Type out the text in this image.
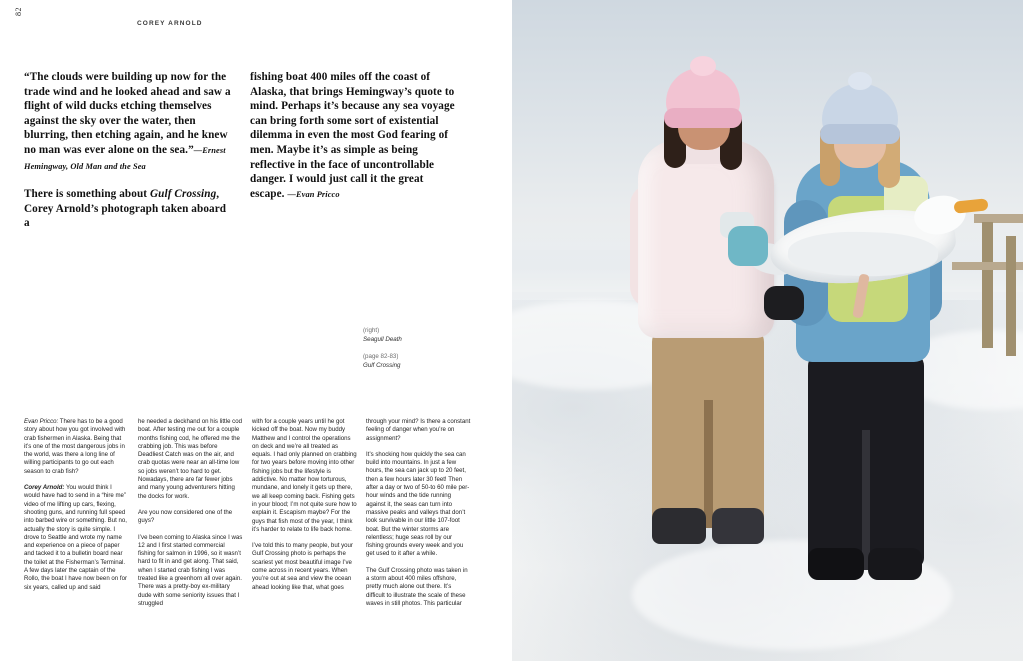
82
COREY ARNOLD

“The clouds were building up now for the trade wind and he looked ahead and saw a flight of wild ducks etching themselves against the sky over the water, then blurring, then etching again, and he knew no man was ever alone on the sea.”—Ernest Hemingway, Old Man and the Sea

There is something about Gulf Crossing, Corey Arnold’s photograph taken aboard a

fishing boat 400 miles off the coast of Alaska, that brings Hemingway’s quote to mind. Perhaps it’s because any sea voyage can bring forth some sort of existential dilemma in even the most God fearing of men. Maybe it’s as simple as being reflective in the face of uncontrollable danger. I would just call it the great escape. —Evan Pricco

(right)
Seagull Death
(page 82-83)
Gulf Crossing

Evan Pricco: There has to be a good story about how you got involved with crab fishermen in Alaska. Being that it’s one of the most dangerous jobs in the world, was there a long line of willing participants to go out each season to crab fish?

Corey Arnold: You would think I would have had to send in a “hire me” video of me lifting up cars, flexing, shooting guns, and running full speed into barbed wire or something. But no, actually the story is quite simple. I drove to Seattle and wrote my name and experience on a piece of paper and tacked it to a bulletin board near the toilet at the Fisherman’s Terminal. A few days later the captain of the Rollo, the boat I have now been on for six years, called up and said

he needed a deckhand on his little cod boat. After testing me out for a couple months fishing cod, he offered me the crabbing job. This was before Deadliest Catch was on the air, and crab quotas were near an all-time low so jobs weren’t too hard to get. Nowadays, there are far fewer jobs and many young adventurers hitting the docks for work.

Are you now considered one of the guys?

I’ve been coming to Alaska since I was 12 and I first started commercial fishing for salmon in 1996, so it wasn’t hard to fit in and get along. That said, when I started crab fishing I was treated like a greenhorn all over again. There was a pretty-boy ex-military dude with some seniority issues that I struggled

with for a couple years until he got kicked off the boat. Now my buddy Matthew and I control the operations on deck and we’re all treated as equals. I had only planned on crabbing for two years before moving into other fishing jobs but the lifestyle is addictive. No matter how torturous, mundane, and lonely it gets up there, we all keep coming back. Fishing gets in your blood; I’m not quite sure how to explain it. Escapism maybe? For the guys that fish most of the year, I think it’s harder to relate to life back home.

I’ve told this to many people, but your Gulf Crossing photo is perhaps the scariest yet most beautiful image I’ve come across in recent years. When you’re out at sea and view the ocean ahead looking like that, what goes

through your mind? Is there a constant feeling of danger when you’re on assignment?

It’s shocking how quickly the sea can build into mountains. In just a few hours, the sea can jack up to 20 feet, then a few hours later 30 feet! Then after a day or two of 50-to 60 mile per-hour winds and the tide running against it, the seas can turn into massive peaks and valleys that don’t look survivable in our little 107-foot boat. But the winter storms are relentless; huge seas roll by our fishing grounds every week and you get used to it after a while.

The Gulf Crossing photo was taken in a storm about 400 miles offshore, pretty much alone out there. It’s difficult to illustrate the scale of these waves in still photos. This particular
